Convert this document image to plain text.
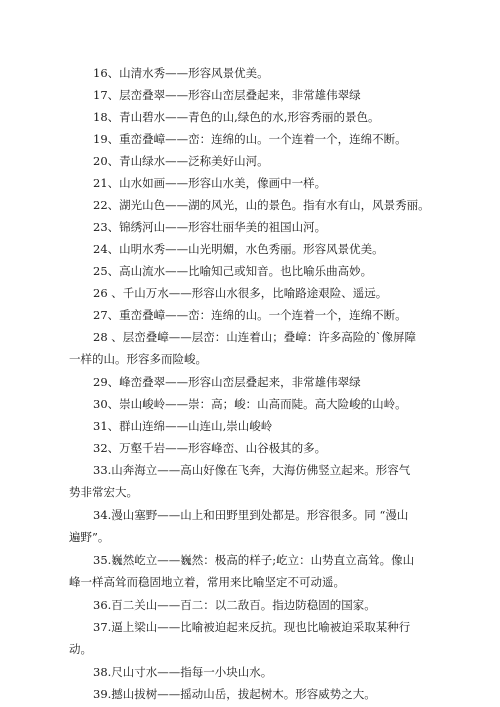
16、山清水秀——形容风景优美。
17、层峦叠翠——形容山峦层叠起来，非常雄伟翠绿
18、青山碧水——青色的山,绿色的水,形容秀丽的景色。
19、重峦叠嶂——峦：连绵的山。一个连着一个，连绵不断。
20、青山绿水——泛称美好山河。
21、山水如画——形容山水美，像画中一样。
22、湖光山色——湖的风光，山的景色。指有水有山，风景秀丽。
23、锦绣河山——形容壮丽华美的祖国山河。
24、山明水秀——山光明媚，水色秀丽。形容风景优美。
25、高山流水——比喻知己或知音。也比喻乐曲高妙。
26 、千山万水——形容山水很多，比喻路途艰险、遥远。
27、重峦叠嶂——峦：连绵的山。一个连着一个，连绵不断。
28 、层峦叠嶂——层峦：山连着山；叠嶂：许多高险的`像屏障
一样的山。形容多而险峻。
29、峰峦叠翠——形容山峦层叠起来，非常雄伟翠绿
30、崇山峻岭——崇：高；峻：山高而陡。高大险峻的山岭。
31、群山连绵——山连山,崇山峻岭
32、万壑千岩——形容峰峦、山谷极其的多。
33.山奔海立——高山好像在飞奔，大海仿佛竖立起来。形容气
势非常宏大。
34.漫山塞野——山上和田野里到处都是。形容很多。同 “漫山
遍野”。
35.巍然屹立——巍然：极高的样子;屹立：山势直立高耸。像山
峰一样高耸而稳固地立着，常用来比喻坚定不可动遥。
36.百二关山——百二：以二敌百。指边防稳固的国家。
37.逼上梁山——比喻被迫起来反抗。现也比喻被迫采取某种行
动。
38.尺山寸水——指每一小块山水。
39.撼山拔树——摇动山岳，拔起树木。形容威势之大。
